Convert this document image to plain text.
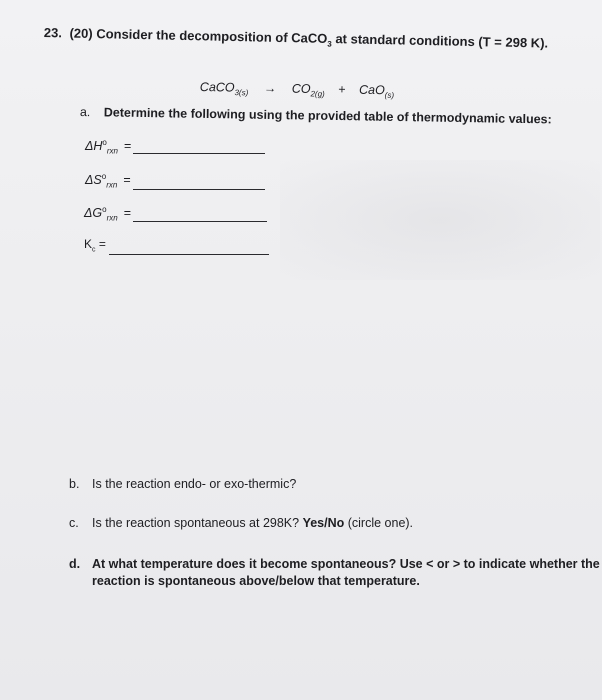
23. (20) Consider the decomposition of CaCO$_3$ at standard conditions (T = 298 K).
CaCO$_{3(s)}$ → $CO_{2(g)} + CaO_{(s)}$
a. Determine the following using the provided table of thermodynamic values:
$\Delta H^o_{rxn}$ =
$\Delta S^o_{rxn}$ =
$\Delta G^o_{rxn}$ =
$K_c$ =
b. Is the reaction endo- or exo-thermic?
c. Is the reaction spontaneous at 298K? Yes/No (circle one).
d. At what temperature does it become spontaneous? Use < or > to indicate whether the
reaction is spontaneous above/below that temperature.
